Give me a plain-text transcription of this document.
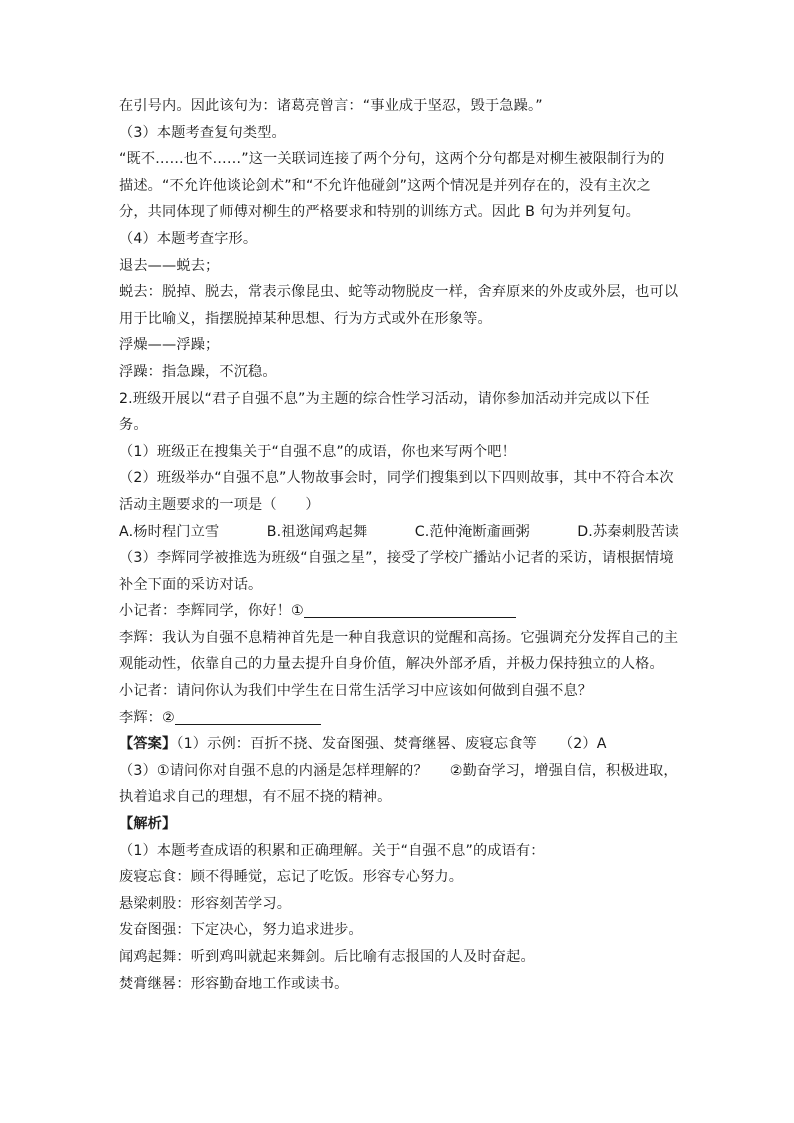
在引号内。因此该句为：诸葛亮曾言：“事业成于坚忍，毁于急躁。”
（3）本题考查复句类型。
“既不……也不……”这一关联词连接了两个分句，这两个分句都是对柳生被限制行为的
描述。“不允许他谈论剑术”和“不允许他碰剑”这两个情况是并列存在的，没有主次之
分，共同体现了师傅对柳生的严格要求和特别的训练方式。因此 B 句为并列复句。
（4）本题考查字形。
退去——蜕去；
蜕去：脱掉、脱去，常表示像昆虫、蛇等动物脱皮一样，舍弃原来的外皮或外层，也可以
用于比喻义，指摆脱掉某种思想、行为方式或外在形象等。
浮燥——浮躁；
浮躁：指急躁，不沉稳。
2.班级开展以“君子自强不息”为主题的综合性学习活动，请你参加活动并完成以下任
务。
（1）班级正在搜集关于“自强不息”的成语，你也来写两个吧！
（2）班级举办“自强不息”人物故事会时，同学们搜集到以下四则故事，其中不符合本次
活动主题要求的一项是（　　）
A.杨时程门立雪	B.祖逖闻鸡起舞	C.范仲淹断齑画粥	D.苏秦刺股苦读
（3）李辉同学被推选为班级“自强之星”，接受了学校广播站小记者的采访，请根据情境
补全下面的采访对话。
小记者：李辉同学，你好！①
李辉：我认为自强不息精神首先是一种自我意识的觉醒和高扬。它强调充分发挥自己的主
观能动性，依靠自己的力量去提升自身价值，解决外部矛盾，并极力保持独立的人格。
小记者：请问你认为我们中学生在日常生活学习中应该如何做到自强不息？
李辉：②
【答案】（1）示例：百折不挠、发奋图强、焚膏继晷、废寝忘食等 （2）A
（3）①请问你对自强不息的内涵是怎样理解的？ ②勤奋学习，增强自信，积极进取，
执着追求自己的理想，有不屈不挠的精神。
【解析】
（1）本题考查成语的积累和正确理解。关于“自强不息”的成语有：
废寝忘食：顾不得睡觉，忘记了吃饭。形容专心努力。
悬梁刺股：形容刻苦学习。
发奋图强：下定决心，努力追求进步。
闻鸡起舞：听到鸡叫就起来舞剑。后比喻有志报国的人及时奋起。
焚膏继晷：形容勤奋地工作或读书。
